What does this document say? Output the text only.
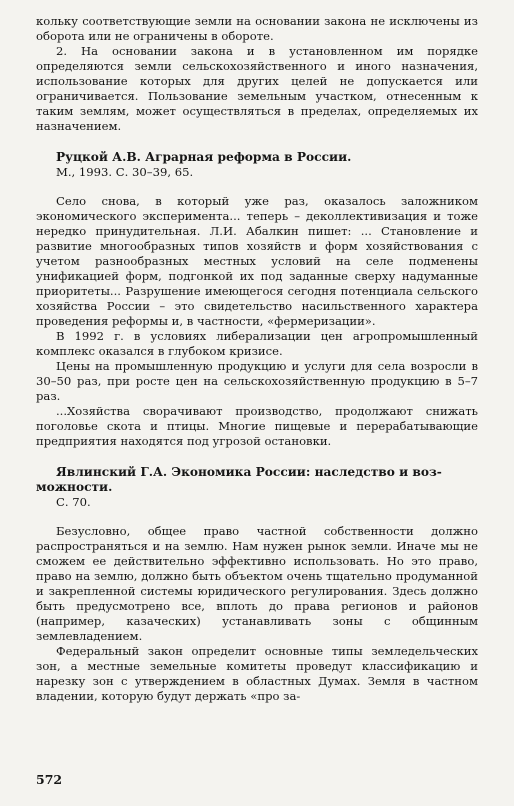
кольку соответствующие земли на основании закона не исключены из оборота или не ограничены в обороте.

2. На основании закона и в установленном им порядке определяются земли сельскохозяйственного и иного назначения, использование которых для других целей не допускается или ограничивается. Пользование земельным участком, отнесенным к таким землям, может осуществляться в пределах, определяемых их назначением.

Руцкой А.В. Аграрная реформа в России.

М., 1993. С. 30–39, 65.

Село снова, в который уже раз, оказалось заложником экономического эксперимента... теперь – деколлективизация и тоже нередко принудительная. Л.И. Абалкин пишет: ... Становление и развитие многообразных типов хозяйств и форм хозяйствования с учетом разнообразных местных условий на селе подменены унификацией форм, подгонкой их под заданные сверху надуманные приоритеты... Разрушение имеющегося сегодня потенциала сельского хозяйства России – это свидетельство насильственного характера проведения реформы и, в частности, «фермеризации».

В 1992 г. в условиях либерализации цен агропромышленный комплекс оказался в глубоком кризисе.

Цены на промышленную продукцию и услуги для села возросли в 30–50 раз, при росте цен на сельскохозяйственную продукцию в 5–7 раз.

...Хозяйства сворачивают производство, продолжают снижать поголовье скота и птицы. Многие пищевые и перерабатывающие предприятия находятся под угрозой остановки.

Явлинский Г.А. Экономика России: наследство и воз-
можности.

С. 70.

Безусловно, общее право частной собственности должно распространяться и на землю. Нам нужен рынок земли. Иначе мы не сможем ее действительно эффективно использовать. Но это право, право на землю, должно быть объектом очень тщательно продуманной и закрепленной системы юридического регулирования. Здесь должно быть предусмотрено все, вплоть до права регионов и районов (например, казачеcких) устанавливать зоны с общинным землевладением.

Федеральный закон определит основные типы земледельческих зон, а местные земельные комитеты проведут классификацию и нарезку зон с утверждением в областных Думах. Земля в частном владении, которую будут держать «про за-

572
